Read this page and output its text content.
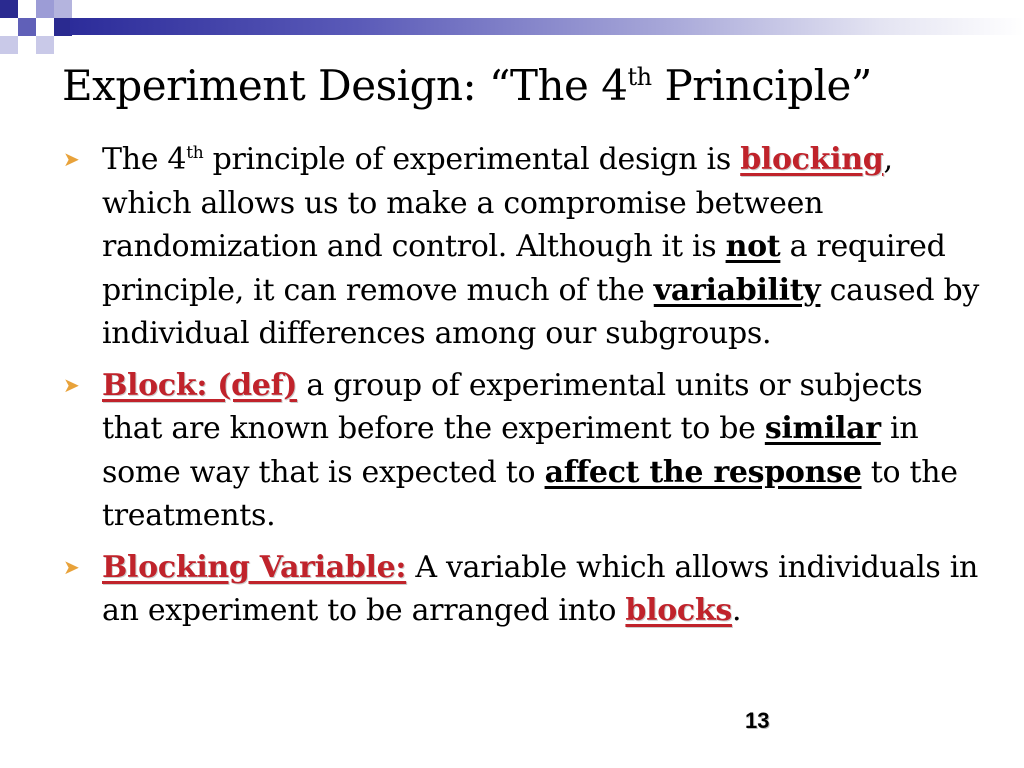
Experiment Design: “The 4th Principle”
➤ The 4th principle of experimental design is blocking, which allows us to make a compromise between randomization and control. Although it is not a required principle, it can remove much of the variability caused by individual differences among our subgroups.
➤ Block: (def) a group of experimental units or subjects that are known before the experiment to be similar in some way that is expected to affect the response to the treatments.
➤ Blocking Variable: A variable which allows individuals in an experiment to be arranged into blocks.
13
